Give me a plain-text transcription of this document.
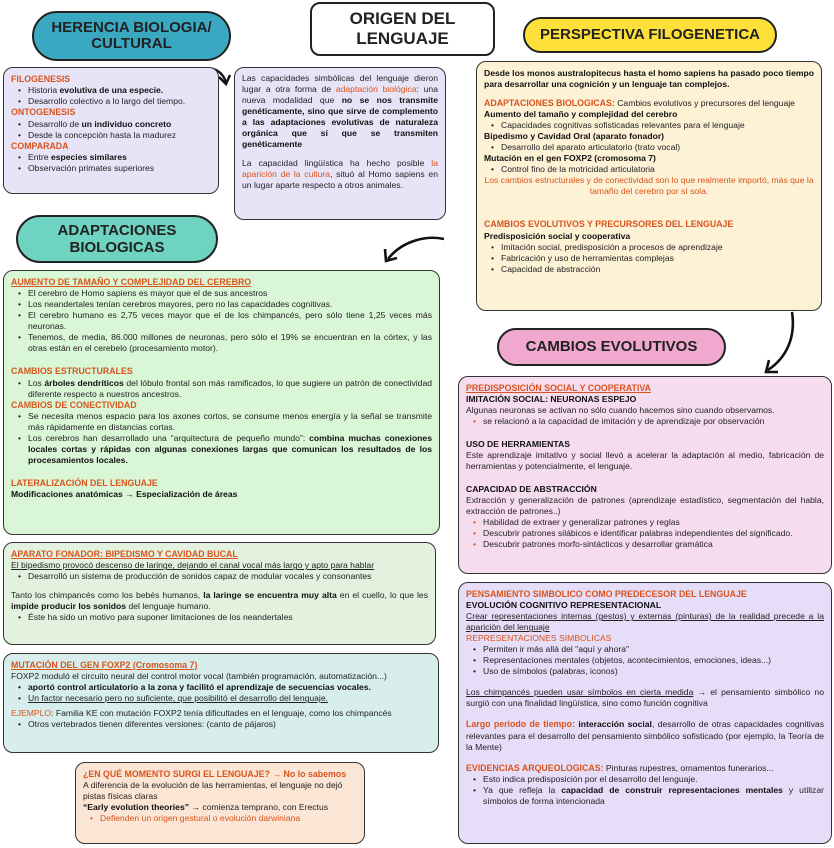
HERENCIA BIOLOGIA/ CULTURAL
ORIGEN DEL LENGUAJE	PERSPECTIVA FILOGENETICA
ADAPTACIONES BIOLOGICAS
CAMBIOS EVOLUTIVOS
FILOGENESIS
• Historia evolutiva de una especie.
• Desarrollo colectivo a lo largo del tiempo.
ONTOGENESIS
• Desarrollo de un individuo concreto
• Desde la concepción hasta la madurez
COMPARADA
• Entre especies similares
• Observación primates superiores
Las capacidades simbólicas del lenguaje dieron lugar a otra forma de adaptación biológica: una nueva modalidad que no se nos transmite genéticamente, sino que sirve de complemento a las adaptaciones evolutivas de naturaleza orgánica que sí que se transmiten genéticamente
La capacidad lingüística ha hecho posible la aparición de la cultura, situó al Homo sapiens en un lugar aparte respecto a otros animales.
Desde los monos australopitecus hasta el homo sapiens ha pasado poco tiempo para desarrollar una cognición y un lenguaje tan complejos.
ADAPTACIONES BIOLOGICAS: Cambios evolutivos y precursores del lenguaje
Aumento del tamaño y complejidad del cerebro
• Capacidades cognitivas sofisticadas relevantes para el lenguaje
Bipedismo y Cavidad Oral (aparato fonador)
• Desarrollo del aparato articulatorio (trato vocal)
Mutación en el gen FOXP2 (cromosoma 7)
• Control fino de la motricidad articulatoria
Los cambios estructurales y de conectividad son lo que realmente importó, más que la tamaño del cerebro por sí sola.
CAMBIOS EVOLUTIVOS Y PRECURSORES DEL LENGUAJE
Predisposición social y cooperativa
• Imitación social, predisposición a procesos de aprendizaje
• Fabricación y uso de herramientas complejas
• Capacidad de abstracción
AUMENTO DE TAMAÑO Y COMPLEJIDAD DEL CEREBRO
• El cerebro de Homo sapiens es mayor que el de sus ancestros
• Los neandertales tenían cerebros mayores, pero no las capacidades cognitivas.
• El cerebro humano es 2,75 veces mayor que el de los chimpancés, pero sólo tiene 1,25 veces más neuronas.
• Tenemos, de media, 86.000 millones de neuronas, pero sólo el 19% se encuentran en la córtex, y las otras están en el cerebelo (procesamiento motor).
CAMBIOS ESTRUCTURALES
• Los árboles dendríticos del lóbulo frontal son más ramificados, lo que sugiere un patrón de conectividad diferente respecto a nuestros ancestros.
CAMBIOS DE CONECTIVIDAD
• Se necesita menos espacio para los axones cortos, se consume menos energía y la señal se transmite más rápidamente en distancias cortas.
• Los cerebros han desarrollado una “arquitectura de pequeño mundo”: combina muchas conexiones locales cortas y rápidas con algunas conexiones largas que comunican los resultados de los procesamientos locales.
LATERALIZACIÓN DEL LENGUAJE
Modificaciones anatómicas → Especialización de áreas
APARATO FONADOR: BIPEDISMO Y CAVIDAD BUCAL
El bipedismo provocó descenso de laringe, dejando el canal vocal más largo y apto para hablar
• Desarrolló un sistema de producción de sonidos capaz de modular vocales y consonantes
Tanto los chimpancés como los bebés humanos, la laringe se encuentra muy alta en el cuello, lo que les impide producir los sonidos del lenguaje humano.
• Éste ha sido un motivo para suponer limitaciones de los neandertales
MUTACIÓN DEL GEN FOXP2 (Cromosoma 7)
FOXP2 moduló el circuito neural del control motor vocal (también programación, automatización...)
• aportó control articulatorio a la zona y facilitó el aprendizaje de secuencias vocales.
• Un factor necesario pero no suficiente, que posibilitó el desarrollo del lenguaje.
EJEMPLO: Familia KE con mutación FOXP2 tenía dificultades en el lenguaje, como los chimpancés
• Otros vertebrados tienen diferentes versiones: (canto de pájaros)
¿EN QUÉ MOMENTO SURGI EL LENGUAJE? → No lo sabemos
A diferencia de la evolución de las herramientas, el lenguaje no dejó pistas físicas claras
“Early evolution theories” → comienza temprano, con Erectus
• Defienden un origen gestural o evolución darwiniana
PREDISPOSICIÓN SOCIAL Y COOPERATIVA
IMITACIÓN SOCIAL: NEURONAS ESPEJO
Algunas neuronas se activan no sólo cuando hacemos sino cuando observamos.
• se relacionó a la capacidad de imitación y de aprendizaje por observación
USO DE HERRAMIENTAS
Este aprendizaje imitativo y social llevó a acelerar la adaptación al medio, fabricación de herramientas y potencialmente, el lenguaje.
CAPACIDAD DE ABSTRACCIÓN
Extracción y generalización de patrones (aprendizaje estadístico, segmentación del habla, extracción de patrones..)
• Habilidad de extraer y generalizar patrones y reglas
• Descubrir patrones silábicos e identificar palabras independientes del significado.
• Descubrir patrones morfo-sintácticos y desarrollar gramática
PENSAMIENTO SIMBOLICO COMO PREDECESOR DEL LENGUAJE
EVOLUCIÓN COGNITIVO REPRESENTACIONAL
Crear representaciones internas (gestos) y externas (pinturas) de la realidad precede a la aparición del lenguaje
REPRESENTACIONES SIMBOLICAS
• Permiten ir más allá del "aquí y ahora"
• Representaciones mentales (objetos, acontecimientos, emociones, ideas...)
• Uso de símbolos (palabras, iconos)
Los chimpancés pueden usar símbolos en cierta medida → el pensamiento simbólico no surgió con una finalidad lingüística, sino como función cognitiva
Largo periodo de tiempo: interacción social, desarrollo de otras capacidades cognitivas relevantes para el desarrollo del pensamiento simbólico sofisticado (por ejemplo, la Teoría de la Mente)
EVIDENCIAS ARQUEOLOGICAS: Pinturas rupestres, ornamentos funerarios...
• Esto indica predisposición por el desarrollo del lenguaje.
• Ya que refleja la capacidad de construir representaciones mentales y utilizar símbolos de forma intencionada
